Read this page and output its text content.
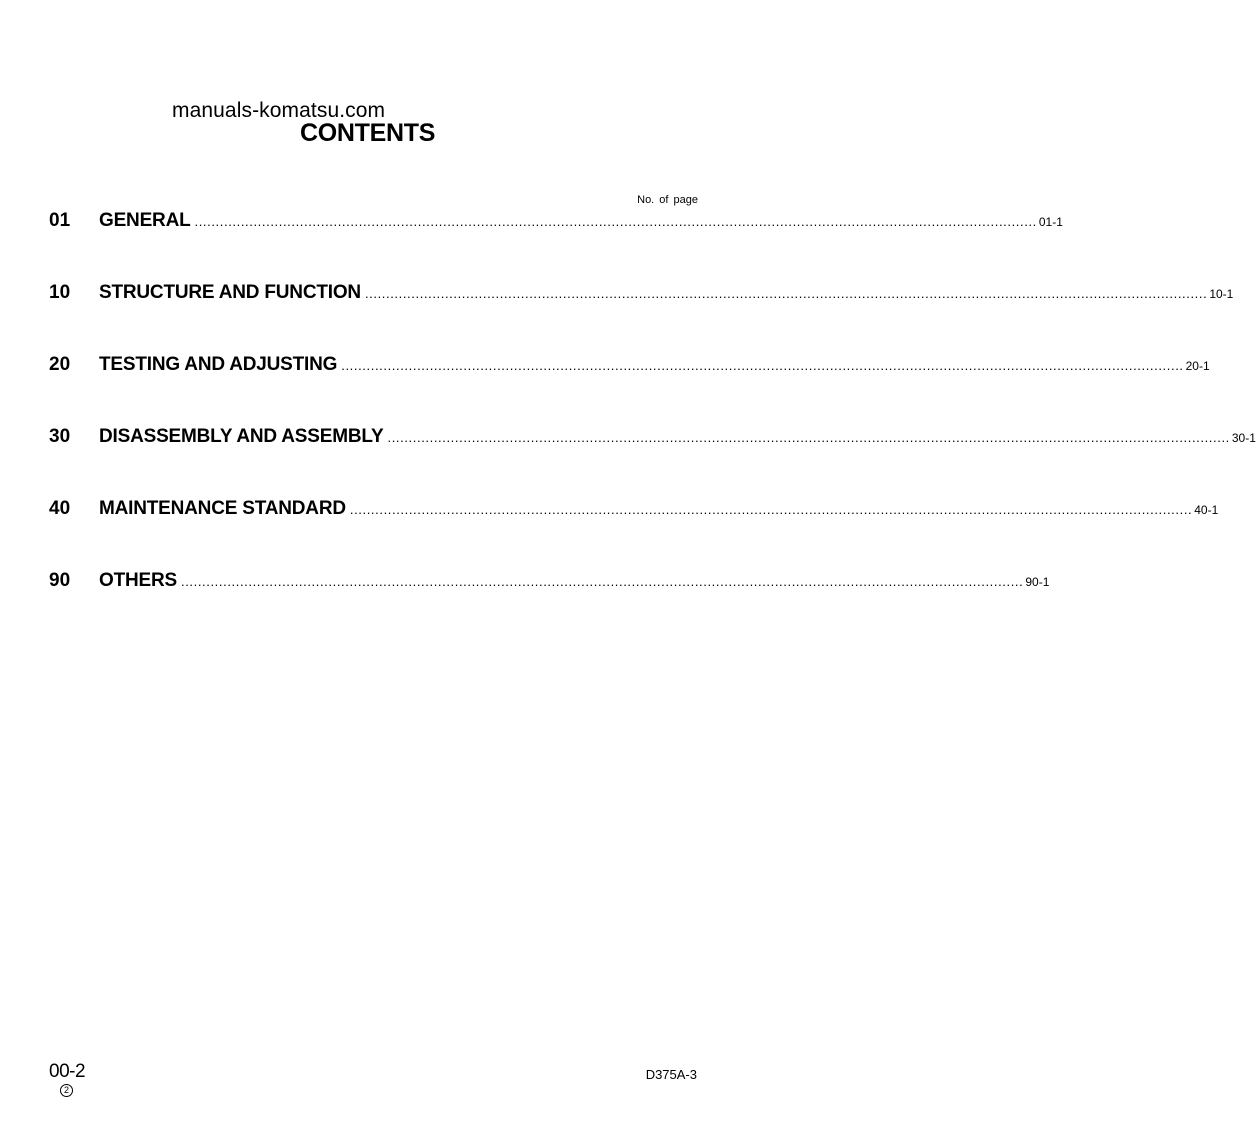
manuals-komatsu.com
CONTENTS
No. of page
01	GENERAL ........................................................................................................................................................................................................ 01-1
10	STRUCTURE AND FUNCTION ........................................................................................................................................................................................................ 10-1
20	TESTING AND ADJUSTING ........................................................................................................................................................................................................ 20-1
30	DISASSEMBLY AND ASSEMBLY ........................................................................................................................................................................................................ 30-1
40	MAINTENANCE STANDARD ........................................................................................................................................................................................................ 40-1
90	OTHERS ........................................................................................................................................................................................................ 90-1
00-2
2
D375A-3
